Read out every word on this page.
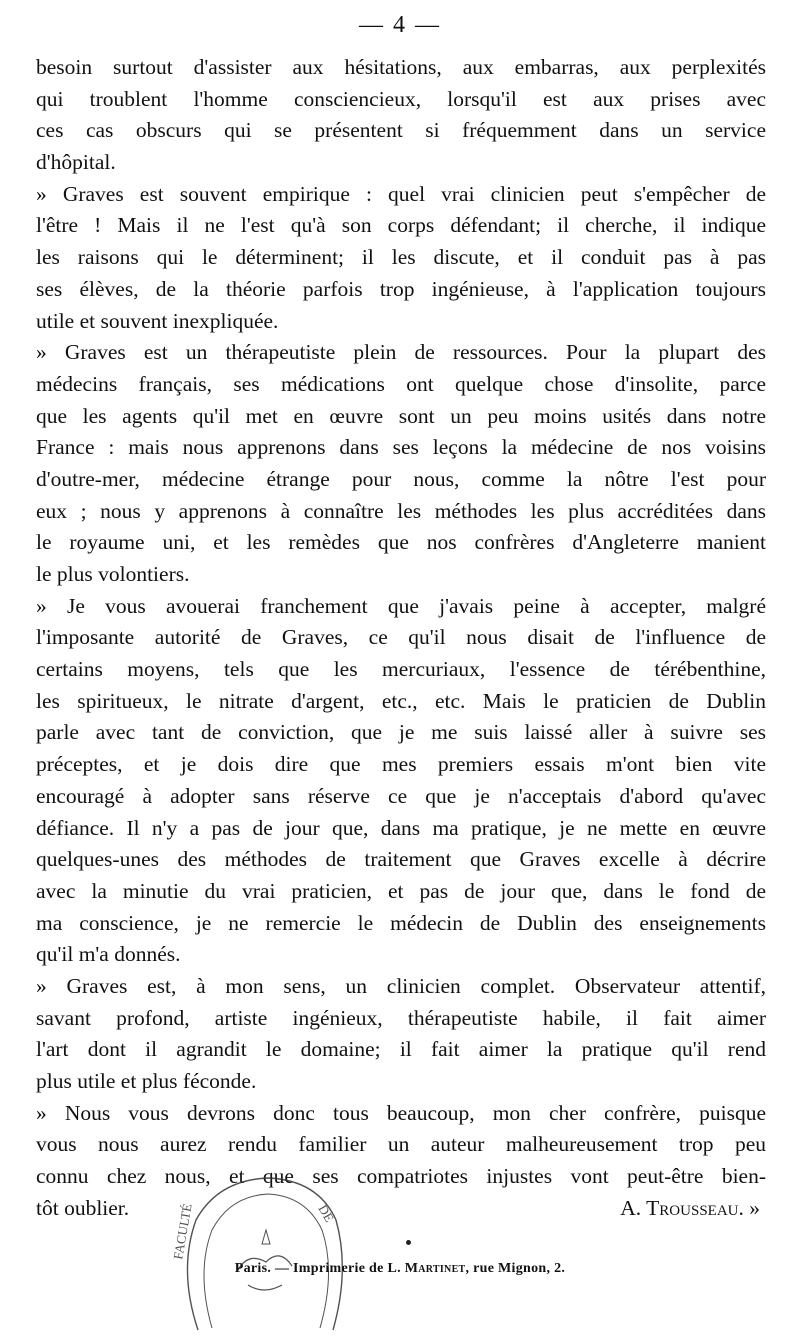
— 4 —
besoin surtout d'assister aux hésitations, aux embarras, aux perplexités
qui troublent l'homme consciencieux, lorsqu'il est aux prises avec
ces cas obscurs qui se présentent si fréquemment dans un service
d'hôpital.
» Graves est souvent empirique : quel vrai clinicien peut s'empêcher de
l'être ! Mais il ne l'est qu'à son corps défendant; il cherche, il indique
les raisons qui le déterminent; il les discute, et il conduit pas à pas
ses élèves, de la théorie parfois trop ingénieuse, à l'application toujours
utile et souvent inexpliquée.
» Graves est un thérapeutiste plein de ressources. Pour la plupart des
médecins français, ses médications ont quelque chose d'insolite, parce
que les agents qu'il met en œuvre sont un peu moins usités dans notre
France : mais nous apprenons dans ses leçons la médecine de nos voisins
d'outre-mer, médecine étrange pour nous, comme la nôtre l'est pour
eux ; nous y apprenons à connaître les méthodes les plus accréditées dans
le royaume uni, et les remèdes que nos confrères d'Angleterre manient
le plus volontiers.
» Je vous avouerai franchement que j'avais peine à accepter, malgré
l'imposante autorité de Graves, ce qu'il nous disait de l'influence de
certains moyens, tels que les mercuriaux, l'essence de térébenthine,
les spiritueux, le nitrate d'argent, etc., etc. Mais le praticien de Dublin
parle avec tant de conviction, que je me suis laissé aller à suivre ses
préceptes, et je dois dire que mes premiers essais m'ont bien vite
encouragé à adopter sans réserve ce que je n'acceptais d'abord qu'avec
défiance. Il n'y a pas de jour que, dans ma pratique, je ne mette en œuvre
quelques-unes des méthodes de traitement que Graves excelle à décrire
avec la minutie du vrai praticien, et pas de jour que, dans le fond de
ma conscience, je ne remercie le médecin de Dublin des enseignements
qu'il m'a donnés.
» Graves est, à mon sens, un clinicien complet. Observateur attentif,
savant profond, artiste ingénieux, thérapeutiste habile, il fait aimer
l'art dont il agrandit le domaine; il fait aimer la pratique qu'il rend
plus utile et plus féconde.
» Nous vous devrons donc tous beaucoup, mon cher confrère, puisque
vous nous aurez rendu familier un auteur malheureusement trop peu
connu chez nous, et que ses compatriotes injustes vont peut-être bien-
tôt oublier.	A. Trousseau. »
FACULTÉ	DE
Paris. — Imprimerie de L. Martinet, rue Mignon, 2.
